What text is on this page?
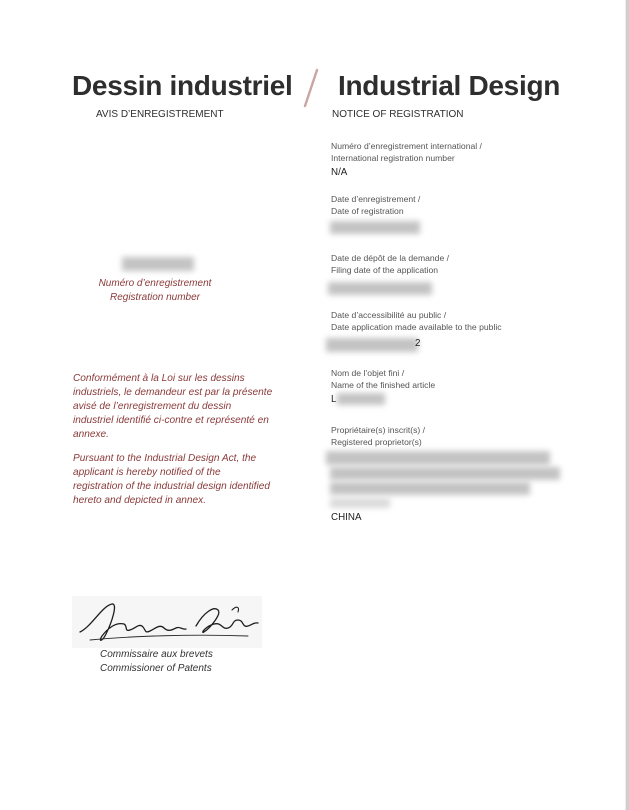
Dessin industriel Industrial Design
AVIS D’ENREGISTREMENT	NOTICE OF REGISTRATION
Numéro d’enregistrement
Registration number
Conformément à la Loi sur les dessins industriels, le demandeur est par la présente avisé de l’enregistrement du dessin industriel identifié ci-contre et représenté en annexe.
Pursuant to the Industrial Design Act, the applicant is hereby notified of the registration of the industrial design identified hereto and depicted in annex.
Commissaire aux brevets
Commissioner of Patents
Numéro d’enregistrement international /
International registration number
N/A
Date d’enregistrement /
Date of registration
Date de dépôt de la demande /
Filing date of the application
Date d’accessibilité au public /
Date application made available to the public
2
Nom de l’objet fini /
Name of the finished article
L
Propriétaire(s) inscrit(s) /
Registered proprietor(s)
CHINA
